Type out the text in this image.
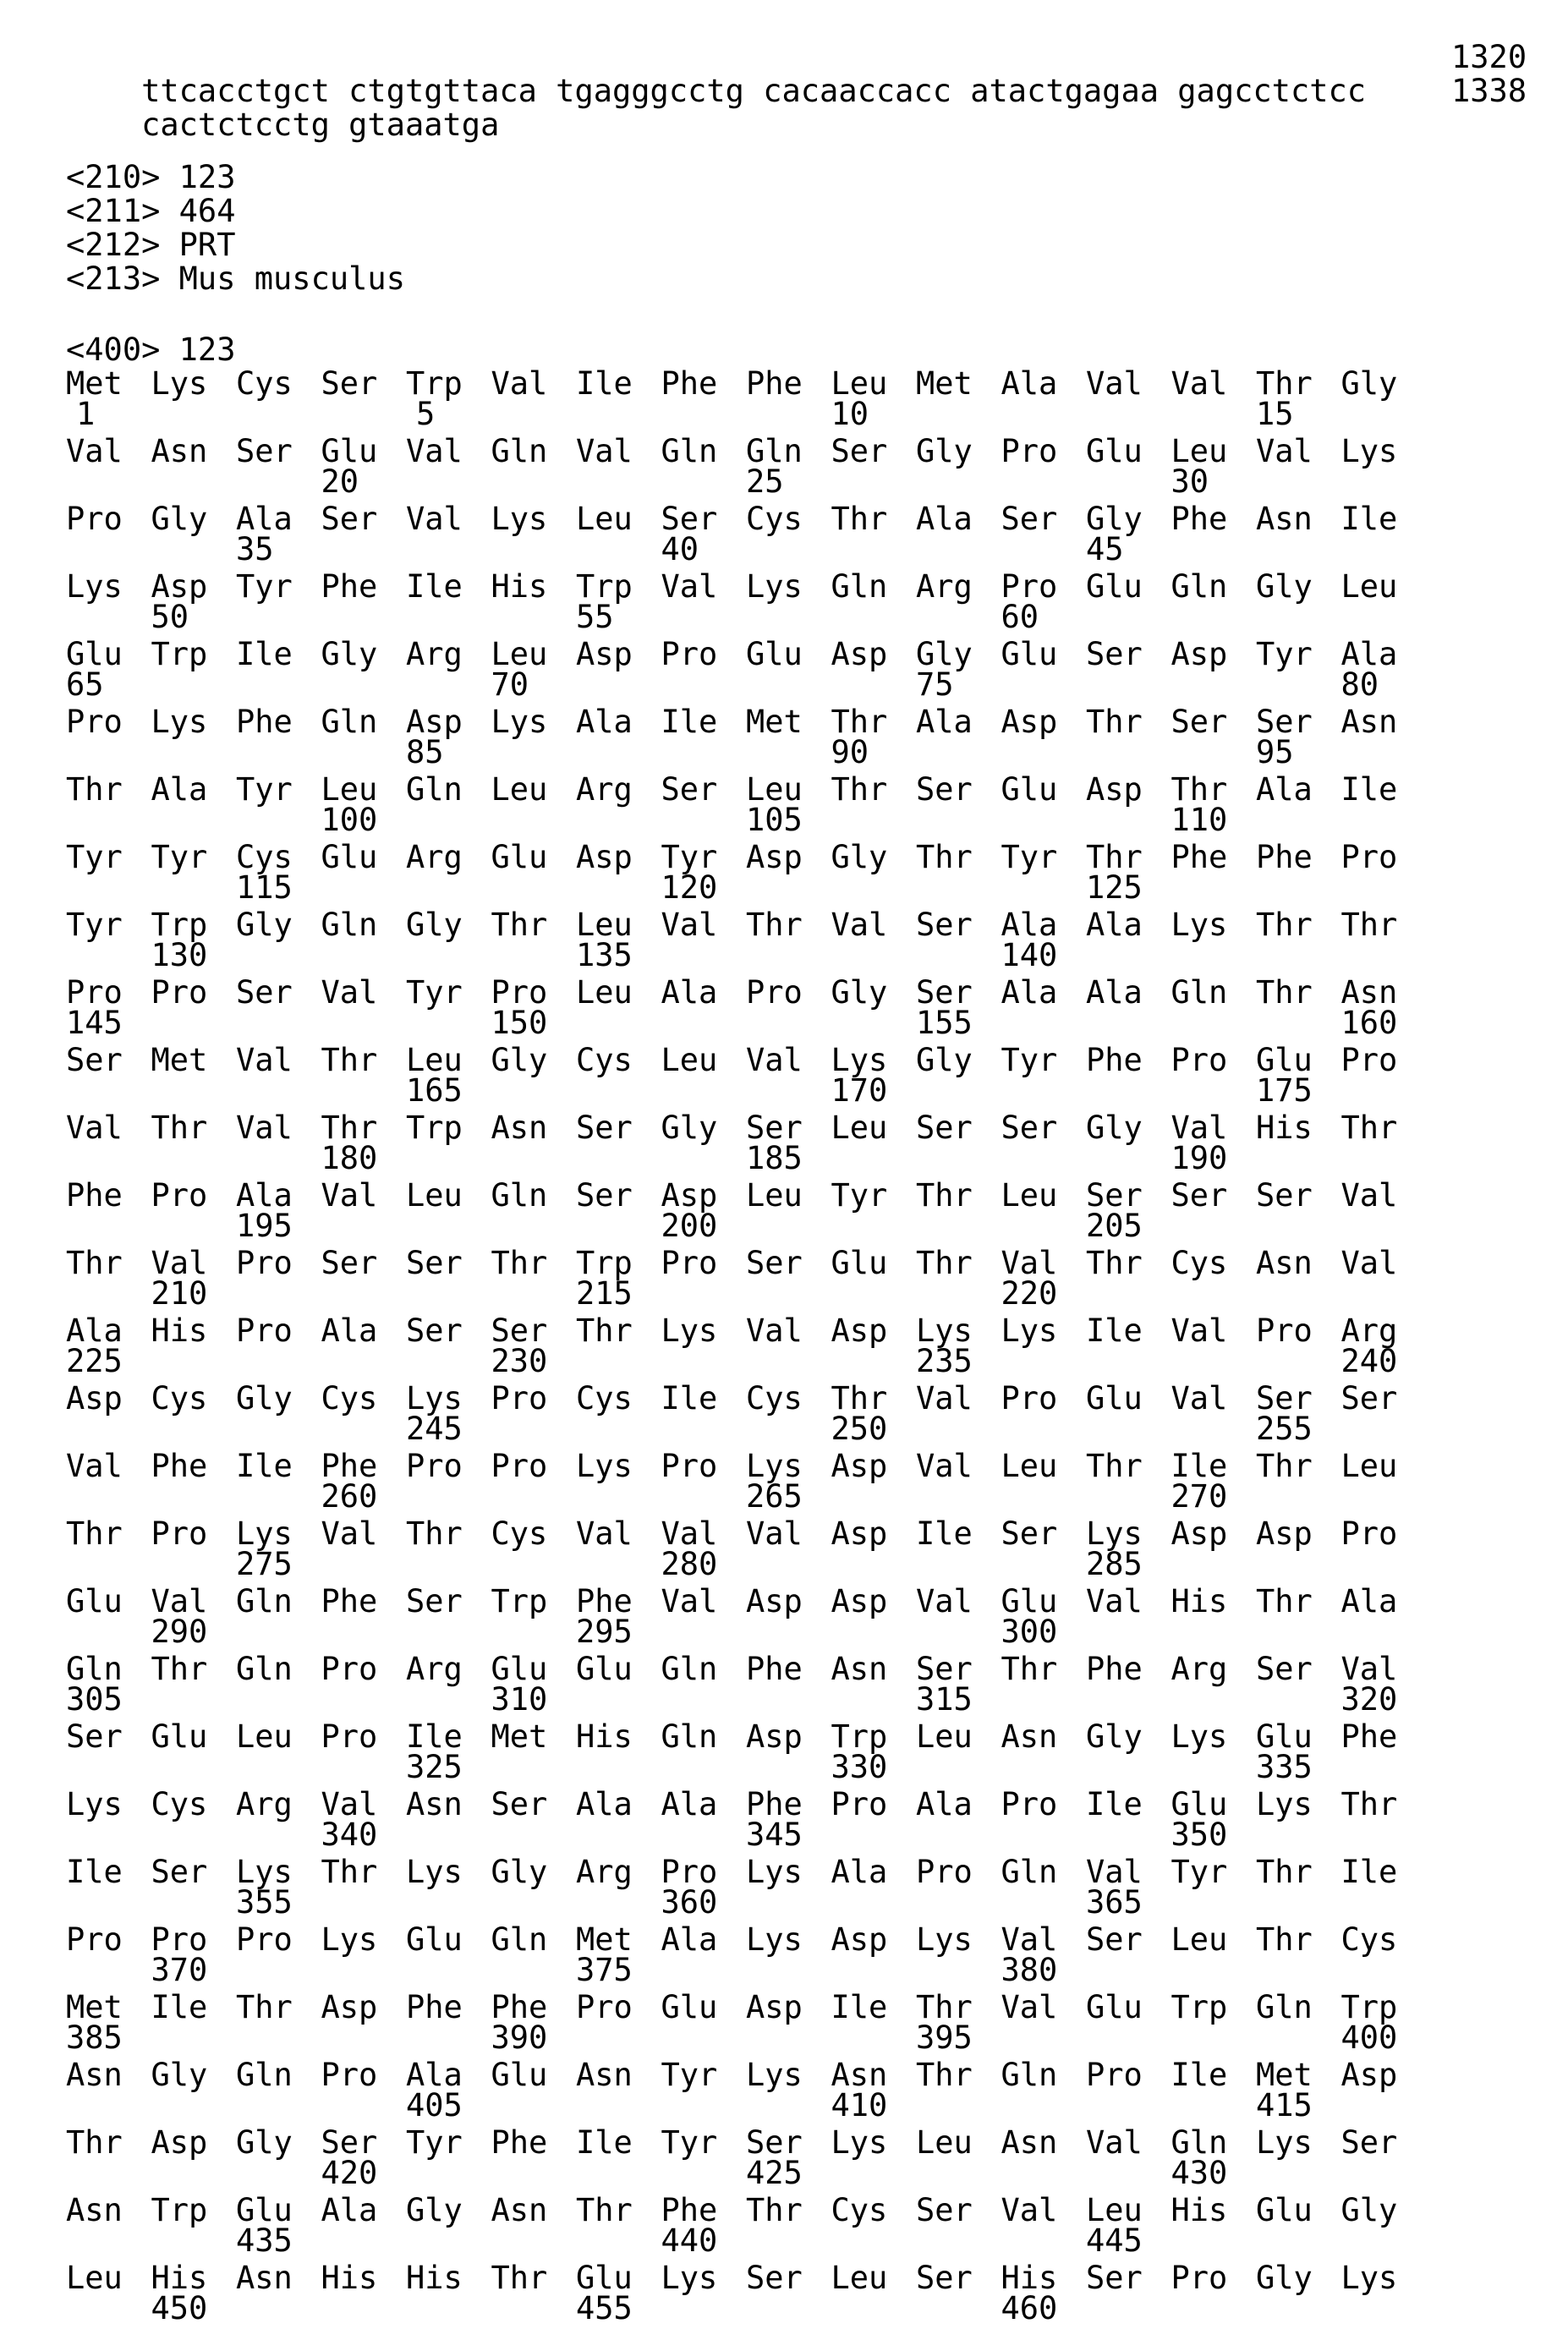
ttcacctgct ctgtgttaca tgagggcctg cacaaccacc atactgagaa gagcctctcc

1320

cactctcctg gtaaatga

1338

<210> 123
<211> 464
<212> PRT
<213> Mus musculus
<400> 123
Met Lys Cys Ser Trp Val Ile Phe Phe Leu Met Ala Val Val Thr Gly
1	5	10	15
Val Asn Ser Glu Val Gln Val Gln Gln Ser Gly Pro Glu Leu Val Lys
20	25	30
Pro Gly Ala Ser Val Lys Leu Ser Cys Thr Ala Ser Gly Phe Asn Ile
35	40	45
Lys Asp Tyr Phe Ile His Trp Val Lys Gln Arg Pro Glu Gln Gly Leu
50	55	60
Glu Trp Ile Gly Arg Leu Asp Pro Glu Asp Gly Glu Ser Asp Tyr Ala
65	70	75	80
Pro Lys Phe Gln Asp Lys Ala Ile Met Thr Ala Asp Thr Ser Ser Asn
85	90	95
Thr Ala Tyr Leu Gln Leu Arg Ser Leu Thr Ser Glu Asp Thr Ala Ile
100	105	110
Tyr Tyr Cys Glu Arg Glu Asp Tyr Asp Gly Thr Tyr Thr Phe Phe Pro
115	120	125
Tyr Trp Gly Gln Gly Thr Leu Val Thr Val Ser Ala Ala Lys Thr Thr
130	135	140
Pro Pro Ser Val Tyr Pro Leu Ala Pro Gly Ser Ala Ala Gln Thr Asn
145	150	155	160
Ser Met Val Thr Leu Gly Cys Leu Val Lys Gly Tyr Phe Pro Glu Pro
165	170	175
Val Thr Val Thr Trp Asn Ser Gly Ser Leu Ser Ser Gly Val His Thr
180	185	190
Phe Pro Ala Val Leu Gln Ser Asp Leu Tyr Thr Leu Ser Ser Ser Val
195	200	205
Thr Val Pro Ser Ser Thr Trp Pro Ser Glu Thr Val Thr Cys Asn Val
210	215	220
Ala His Pro Ala Ser Ser Thr Lys Val Asp Lys Lys Ile Val Pro Arg
225	230	235	240
Asp Cys Gly Cys Lys Pro Cys Ile Cys Thr Val Pro Glu Val Ser Ser
245	250	255
Val Phe Ile Phe Pro Pro Lys Pro Lys Asp Val Leu Thr Ile Thr Leu
260	265	270
Thr Pro Lys Val Thr Cys Val Val Val Asp Ile Ser Lys Asp Asp Pro
275	280	285
Glu Val Gln Phe Ser Trp Phe Val Asp Asp Val Glu Val His Thr Ala
290	295	300
Gln Thr Gln Pro Arg Glu Glu Gln Phe Asn Ser Thr Phe Arg Ser Val
305	310	315	320
Ser Glu Leu Pro Ile Met His Gln Asp Trp Leu Asn Gly Lys Glu Phe
325	330	335
Lys Cys Arg Val Asn Ser Ala Ala Phe Pro Ala Pro Ile Glu Lys Thr
340	345	350
Ile Ser Lys Thr Lys Gly Arg Pro Lys Ala Pro Gln Val Tyr Thr Ile
355	360	365
Pro Pro Pro Lys Glu Gln Met Ala Lys Asp Lys Val Ser Leu Thr Cys
370	375	380
Met Ile Thr Asp Phe Phe Pro Glu Asp Ile Thr Val Glu Trp Gln Trp
385	390	395	400
Asn Gly Gln Pro Ala Glu Asn Tyr Lys Asn Thr Gln Pro Ile Met Asp
405	410	415
Thr Asp Gly Ser Tyr Phe Ile Tyr Ser Lys Leu Asn Val Gln Lys Ser
420	425	430
Asn Trp Glu Ala Gly Asn Thr Phe Thr Cys Ser Val Leu His Glu Gly
435	440	445
Leu His Asn His His Thr Glu Lys Ser Leu Ser His Ser Pro Gly Lys
450	455	460
